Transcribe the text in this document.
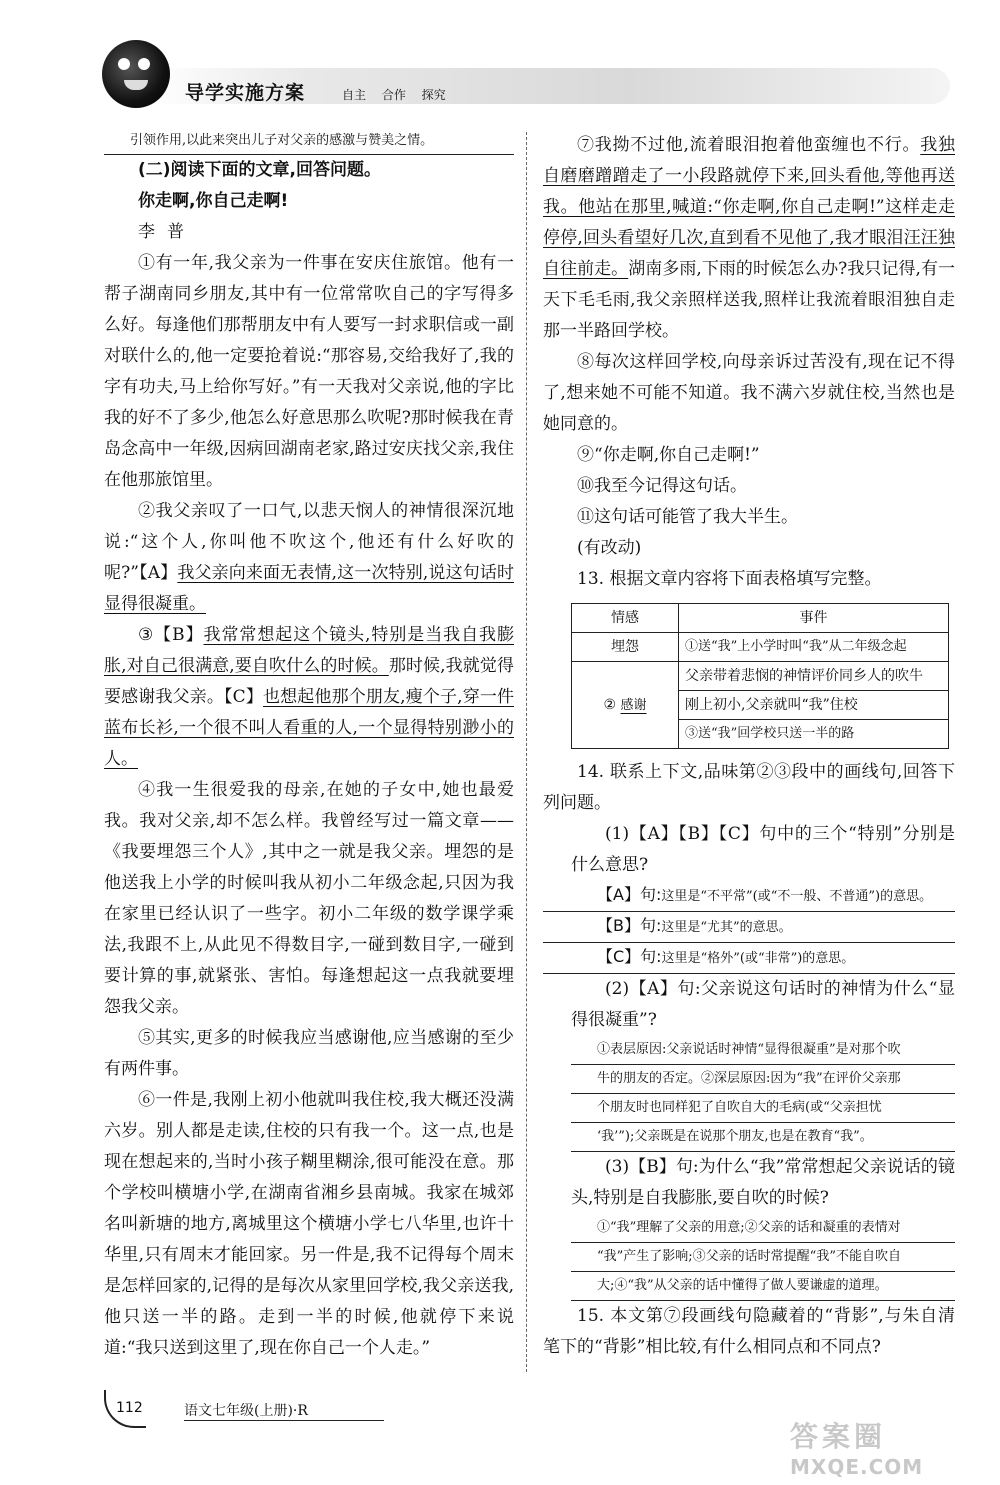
导学实施方案	自主 合作 探究

引领作用,以此来突出儿子对父亲的感激与赞美之情。

(二)阅读下面的文章,回答问题。

你走啊,你自己走啊!

李普

①有一年,我父亲为一件事在安庆住旅馆。他有一帮子湖南同乡朋友,其中有一位常常吹自己的字写得多么好。每逢他们那帮朋友中有人要写一封求职信或一副对联什么的,他一定要抢着说:“那容易,交给我好了,我的字有功夫,马上给你写好。”有一天我对父亲说,他的字比我的好不了多少,他怎么好意思那么吹呢?那时候我在青岛念高中一年级,因病回湖南老家,路过安庆找父亲,我住在他那旅馆里。

②我父亲叹了一口气,以悲天悯人的神情很深沉地说:“这个人,你叫他不吹这个,他还有什么好吹的呢?”【A】我父亲向来面无表情,这一次特别,说这句话时显得很凝重。

③【B】我常常想起这个镜头,特别是当我自我膨胀,对自己很满意,要自吹什么的时候。那时候,我就觉得要感谢我父亲。【C】也想起他那个朋友,瘦个子,穿一件蓝布长衫,一个很不叫人看重的人,一个显得特别渺小的人。

④我一生很爱我的母亲,在她的子女中,她也最爱我。我对父亲,却不怎么样。我曾经写过一篇文章——《我要埋怨三个人》,其中之一就是我父亲。埋怨的是他送我上小学的时候叫我从初小二年级念起,只因为我在家里已经认识了一些字。初小二年级的数学课学乘法,我跟不上,从此见不得数目字,一碰到数目字,一碰到要计算的事,就紧张、害怕。每逢想起这一点我就要埋怨我父亲。

⑤其实,更多的时候我应当感谢他,应当感谢的至少有两件事。

⑥一件是,我刚上初小他就叫我住校,我大概还没满六岁。别人都是走读,住校的只有我一个。这一点,也是现在想起来的,当时小孩子糊里糊涂,很可能没在意。那个学校叫横塘小学,在湖南省湘乡县南城。我家在城郊名叫新塘的地方,离城里这个横塘小学七八华里,也许十华里,只有周末才能回家。另一件是,我不记得每个周末是怎样回家的,记得的是每次从家里回学校,我父亲送我,他只送一半的路。走到一半的时候,他就停下来说道:“我只送到这里了,现在你自己一个人走。”

⑦我拗不过他,流着眼泪抱着他蛮缠也不行。我独自磨磨蹭蹭走了一小段路就停下来,回头看他,等他再送我。他站在那里,喊道:“你走啊,你自己走啊!”这样走走停停,回头看望好几次,直到看不见他了,我才眼泪汪汪独自往前走。湖南多雨,下雨的时候怎么办?我只记得,有一天下毛毛雨,我父亲照样送我,照样让我流着眼泪独自走那一半路回学校。

⑧每次这样回学校,向母亲诉过苦没有,现在记不得了,想来她不可能不知道。我不满六岁就住校,当然也是她同意的。

⑨“你走啊,你自己走啊!”

⑩我至今记得这句话。

⑪这句话可能管了我大半生。

(有改动)

13. 根据文章内容将下面表格填写完整。

情感	事件
埋怨	①送“我”上小学时叫“我”从二年级念起
② 感谢	父亲带着悲悯的神情评价同乡人的吹牛
	刚上初小,父亲就叫“我”住校
	③送“我”回学校只送一半的路

14. 联系上下文,品味第②③段中的画线句,回答下列问题。

(1)【A】【B】【C】句中的三个“特别”分别是什么意思?

【A】句:这里是“不平常”(或“不一般、不普通”)的意思。

【B】句:这里是“尤其”的意思。

【C】句:这里是“格外”(或“非常”)的意思。

(2)【A】句:父亲说这句话时的神情为什么“显得很凝重”?

①表层原因:父亲说话时神情“显得很凝重”是对那个吹
牛的朋友的否定。②深层原因:因为“我”在评价父亲那
个朋友时也同样犯了自吹自大的毛病(或“父亲担忧
‘我’”);父亲既是在说那个朋友,也是在教育“我”。

(3)【B】句:为什么“我”常常想起父亲说话的镜头,特别是自我膨胀,要自吹的时候?

①“我”理解了父亲的用意;②父亲的话和凝重的表情对
“我”产生了影响;③父亲的话时常提醒“我”不能自吹自
大;④“我”从父亲的话中懂得了做人要谦虚的道理。

15. 本文第⑦段画线句隐藏着的“背影”,与朱自清笔下的“背影”相比较,有什么相同点和不同点?

112	语文七年级(上册)·R
答案圈
MXQE.COM
